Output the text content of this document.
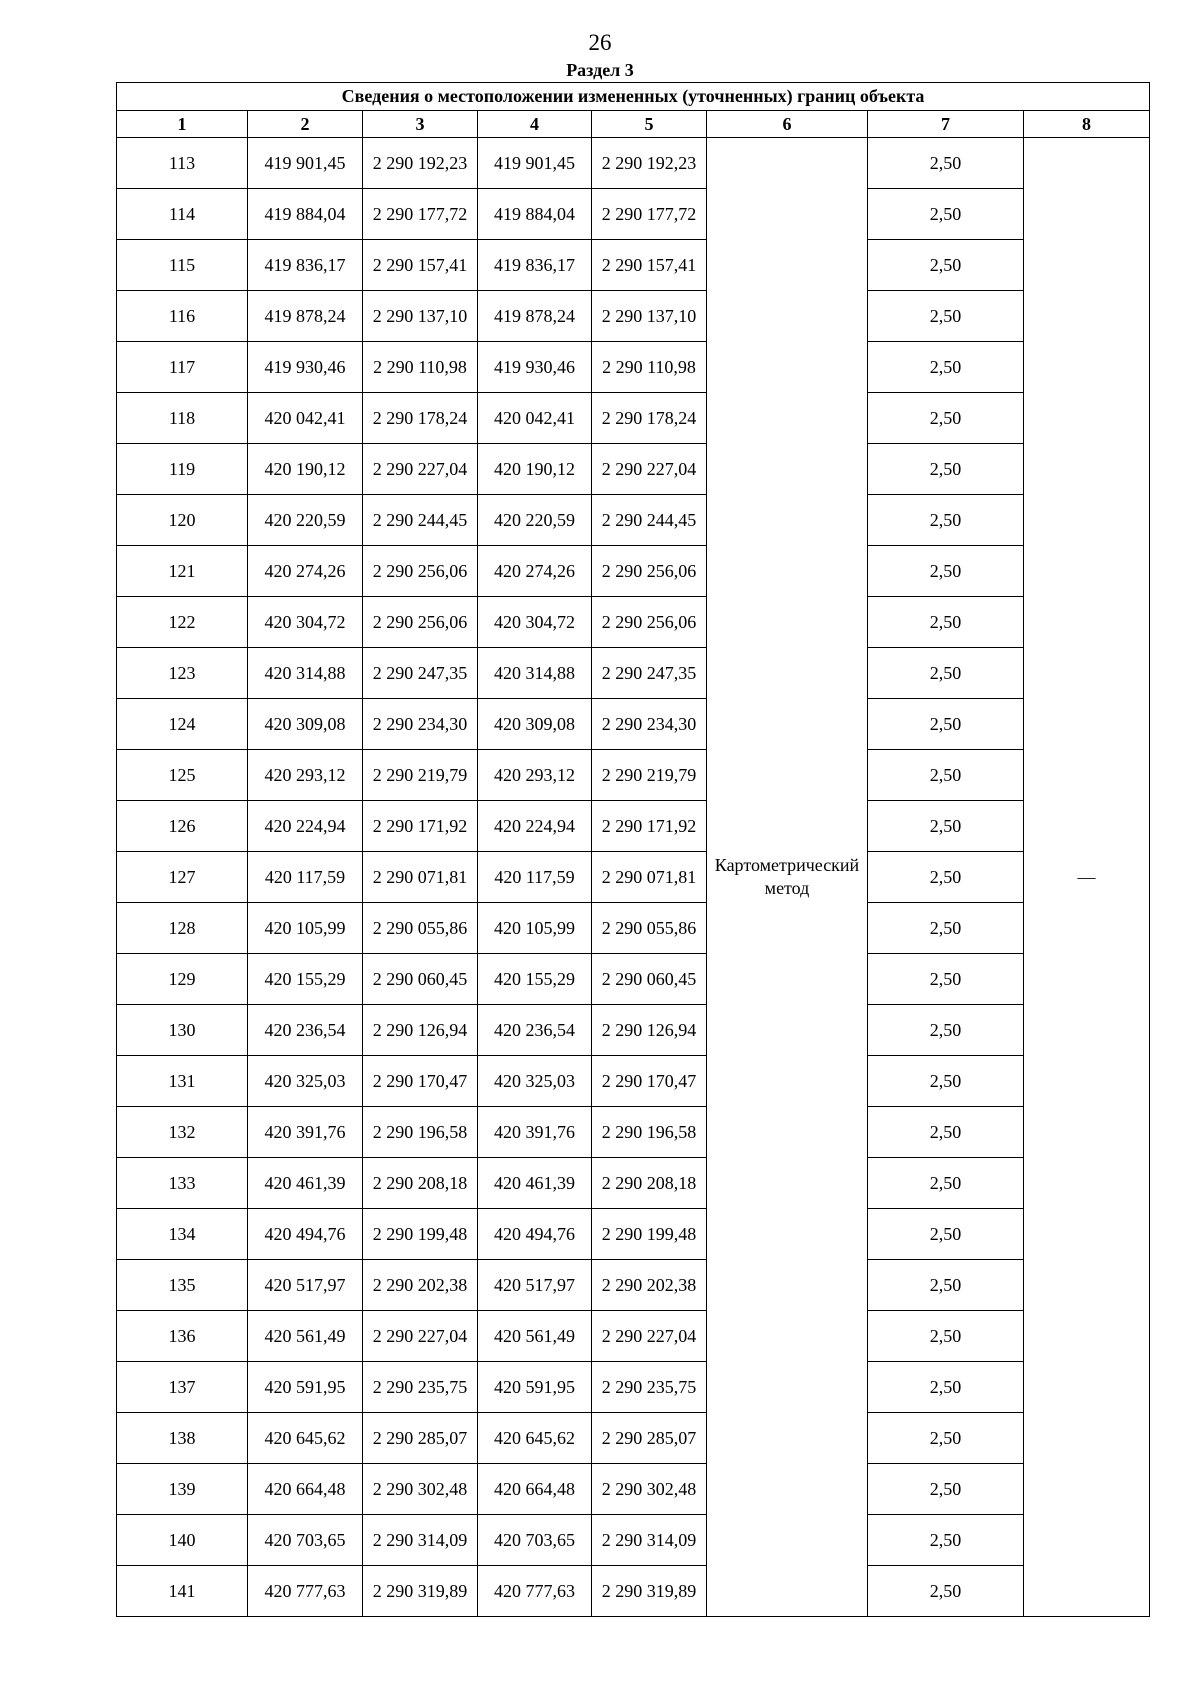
26
Раздел 3
Сведения о местоположении измененных (уточненных) границ объекта							
1	2	3	4	5	6	7	8
113	419 901,45	2 290 192,23	419 901,45	2 290 192,23	Картометрический метод	2,50	—
114	419 884,04	2 290 177,72	419 884,04	2 290 177,72		2,50	
115	419 836,17	2 290 157,41	419 836,17	2 290 157,41		2,50	
116	419 878,24	2 290 137,10	419 878,24	2 290 137,10		2,50	
117	419 930,46	2 290 110,98	419 930,46	2 290 110,98		2,50	
118	420 042,41	2 290 178,24	420 042,41	2 290 178,24		2,50	
119	420 190,12	2 290 227,04	420 190,12	2 290 227,04		2,50	
120	420 220,59	2 290 244,45	420 220,59	2 290 244,45		2,50	
121	420 274,26	2 290 256,06	420 274,26	2 290 256,06		2,50	
122	420 304,72	2 290 256,06	420 304,72	2 290 256,06		2,50	
123	420 314,88	2 290 247,35	420 314,88	2 290 247,35		2,50	
124	420 309,08	2 290 234,30	420 309,08	2 290 234,30		2,50	
125	420 293,12	2 290 219,79	420 293,12	2 290 219,79		2,50	
126	420 224,94	2 290 171,92	420 224,94	2 290 171,92		2,50	
127	420 117,59	2 290 071,81	420 117,59	2 290 071,81		2,50	
128	420 105,99	2 290 055,86	420 105,99	2 290 055,86		2,50	
129	420 155,29	2 290 060,45	420 155,29	2 290 060,45		2,50	
130	420 236,54	2 290 126,94	420 236,54	2 290 126,94		2,50	
131	420 325,03	2 290 170,47	420 325,03	2 290 170,47		2,50	
132	420 391,76	2 290 196,58	420 391,76	2 290 196,58		2,50	
133	420 461,39	2 290 208,18	420 461,39	2 290 208,18		2,50	
134	420 494,76	2 290 199,48	420 494,76	2 290 199,48		2,50	
135	420 517,97	2 290 202,38	420 517,97	2 290 202,38		2,50	
136	420 561,49	2 290 227,04	420 561,49	2 290 227,04		2,50	
137	420 591,95	2 290 235,75	420 591,95	2 290 235,75		2,50	
138	420 645,62	2 290 285,07	420 645,62	2 290 285,07		2,50	
139	420 664,48	2 290 302,48	420 664,48	2 290 302,48		2,50	
140	420 703,65	2 290 314,09	420 703,65	2 290 314,09		2,50	
141	420 777,63	2 290 319,89	420 777,63	2 290 319,89		2,50	
